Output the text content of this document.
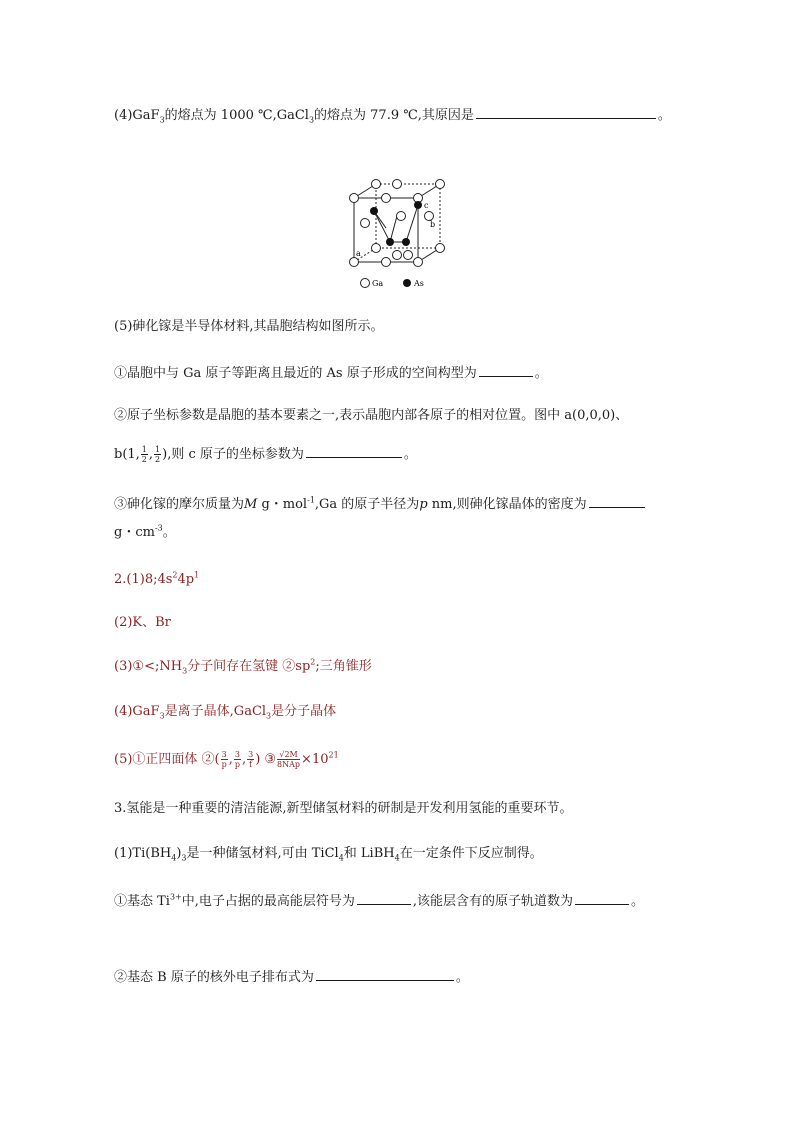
(4)GaF$_3$的熔点为 1000 ℃,GaCl$_3$的熔点为 77.9 ℃,其原因是	。
c
b
a
Ga	As
(5)砷化镓是半导体材料,其晶胞结构如图所示。
①晶胞中与 Ga 原子等距离且最近的 As 原子形成的空间构型为	。
②原子坐标参数是晶胞的基本要素之一,表示晶胞内部各原子的相对位置。图中 a(0,0,0)、
b(1, $\frac{1}{2}$ , $\frac{1}{2}$ ),则 c 原子的坐标参数为	。
③砷化镓的摩尔质量为M g・mol$^{-1}$,Ga 的原子半径为p nm,则砷化镓晶体的密度为
g・$cm^{-3}$。
$2.(1)8;4s^24p^1$
(2)K、Br
$(3)①<;NH_3$分子间存在氢键 $②sp^2$;三角锥形
(4)GaF$_3$是离子晶体,GaCl$_3$是分子晶体
(5)①正四面体 ②( $\frac{3}{p}$ , $\frac{3}{p}$ , $\frac{3}{f}$ ) ③ $\frac{√2M}{\text{8NAp}} \times 10^{21}$
3.氢能是一种重要的清洁能源,新型储氢材料的研制是开发利用氢能的重要环节。
$(1)Ti(BH_4)_3$是一种储氢材料,可由 TiCl$_4$和 LiBH$_4$在一定条件下反应制得。
①基态 $Ti^{3+}$中,电子占据的最高能层符号为	,该能层含有的原子轨道数为	。
②基态 B 原子的核外电子排布式为	。
